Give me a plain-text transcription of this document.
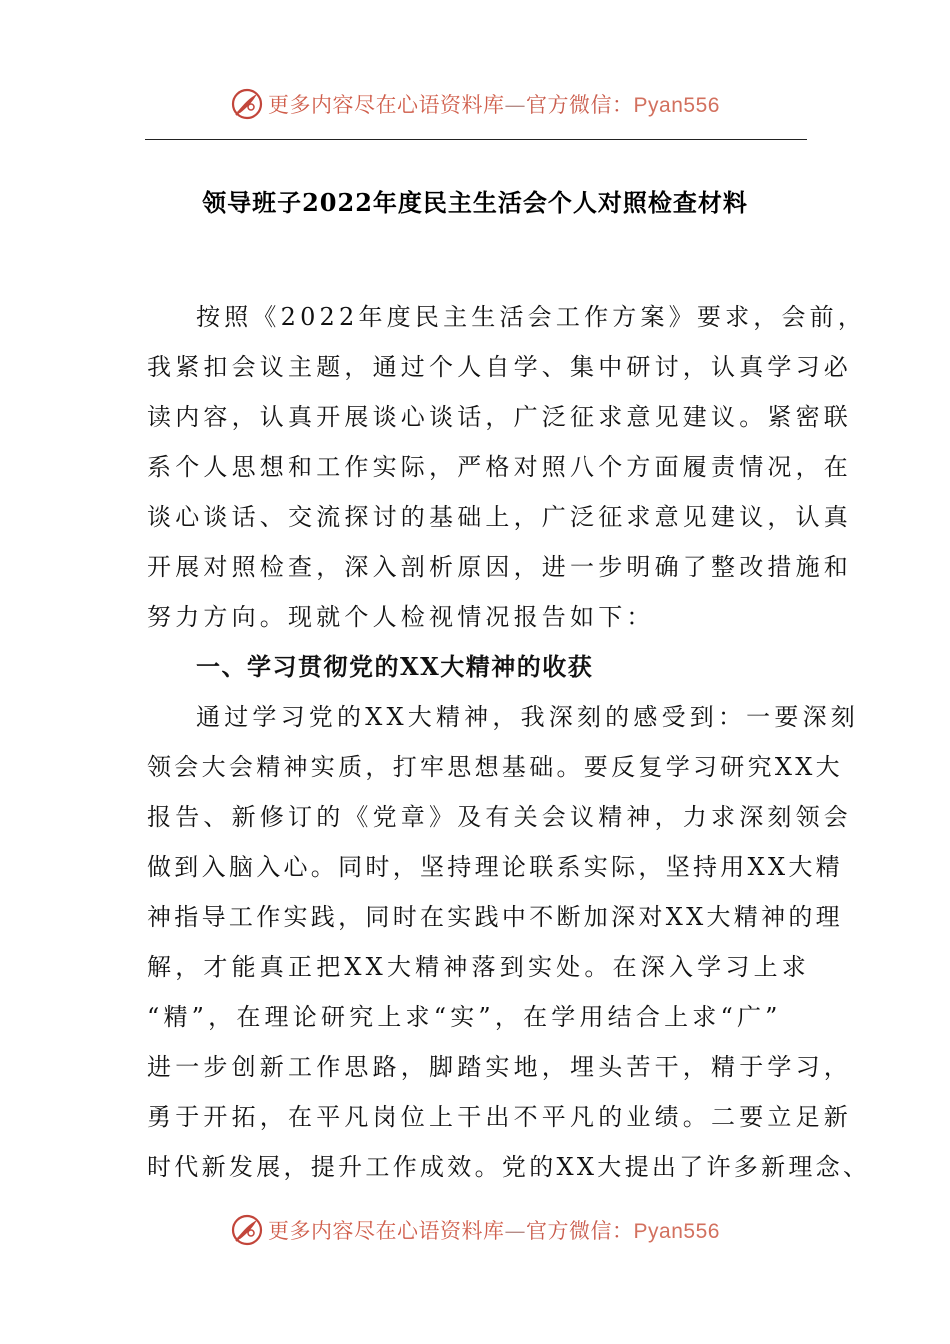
更多内容尽在心语资料库—官方微信：Pyan556
领导班子2022年度民主生活会个人对照检查材料
按照《2022年度民主生活会工作方案》要求，会前，
我紧扣会议主题，通过个人自学、集中研讨，认真学习必
读内容，认真开展谈心谈话，广泛征求意见建议。紧密联
系个人思想和工作实际，严格对照八个方面履责情况，在
谈心谈话、交流探讨的基础上，广泛征求意见建议，认真
开展对照检查，深入剖析原因，进一步明确了整改措施和
努力方向。现就个人检视情况报告如下：
一、学习贯彻党的XX大精神的收获
通过学习党的XX大精神，我深刻的感受到：一要深刻
领会大会精神实质，打牢思想基础。要反复学习研究XX大
报告、新修订的《党章》及有关会议精神，力求深刻领会
做到入脑入心。同时，坚持理论联系实际，坚持用XX大精
神指导工作实践，同时在实践中不断加深对XX大精神的理
解，才能真正把XX大精神落到实处。在深入学习上求
“精”，在理论研究上求“实”，在学用结合上求“广”
进一步创新工作思路，脚踏实地，埋头苦干，精于学习，
勇于开拓，在平凡岗位上干出不平凡的业绩。二要立足新
时代新发展，提升工作成效。党的XX大提出了许多新理念、
更多内容尽在心语资料库—官方微信：Pyan556
